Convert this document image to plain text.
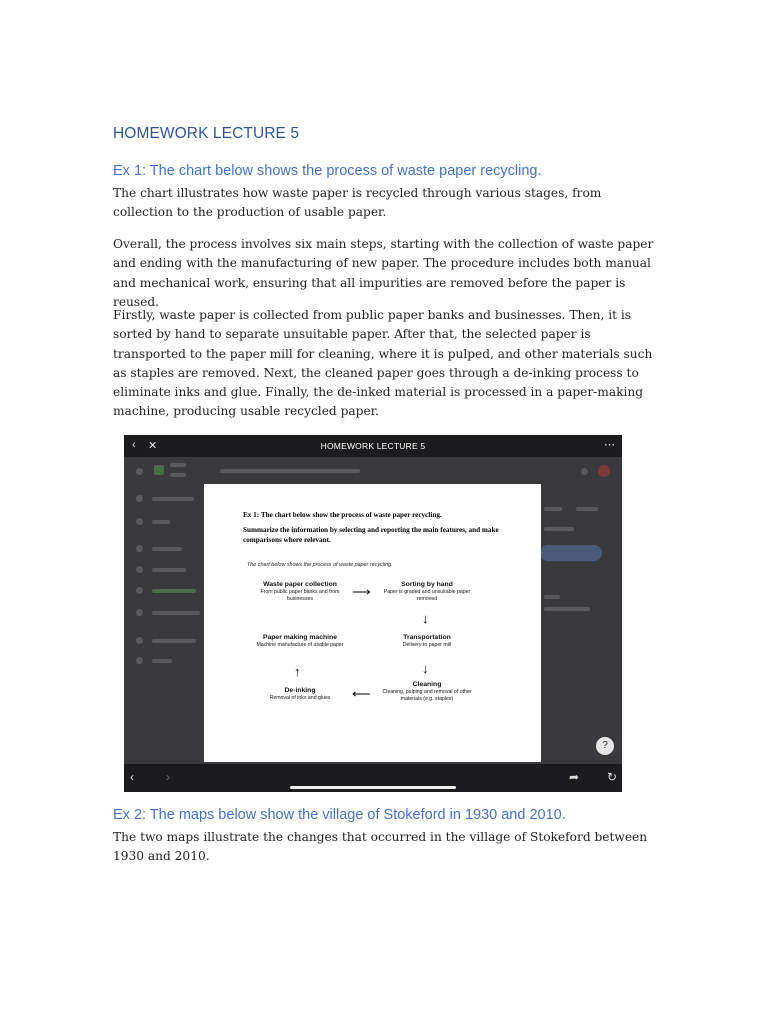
HOMEWORK LECTURE 5
Ex 1: The chart below shows the process of waste paper recycling.

The chart illustrates how waste paper is recycled through various stages, from collection to the production of usable paper.

Overall, the process involves six main steps, starting with the collection of waste paper and ending with the manufacturing of new paper. The procedure includes both manual and mechanical work, ensuring that all impurities are removed before the paper is reused.

Firstly, waste paper is collected from public paper banks and businesses. Then, it is sorted by hand to separate unsuitable paper. After that, the selected paper is transported to the paper mill for cleaning, where it is pulped, and other materials such as staples are removed. Next, the cleaned paper goes through a de-inking process to eliminate inks and glue. Finally, the de-inked material is processed in a paper-making machine, producing usable recycled paper.

Ex 2: The maps below show the village of Stokeford in 1930 and 2010.

The two maps illustrate the changes that occurred in the village of Stokeford between 1930 and 2010.

‹ ✕	HOMEWORK LECTURE 5	⋯
Ex 1: The chart below show the process of waste paper recycling.
Summarize the information by selecting and reporting the main features, and make comparisons where relevant.
The chart below shows the process of waste paper recycling.
Waste paper collection
From public paper banks and from businesses	⟶	Sorting by hand
Paper is graded and unsuitable paper removed
↓
Paper making machine
Machine manufacture of usable paper
Transportation
Delivery to paper mill
↑	↓
De-inking
Removal of inks and glues	⟵
Cleaning
Cleaning, pulping and removal of other materials (e.g. staples)
?
‹	›	➦ ↻
